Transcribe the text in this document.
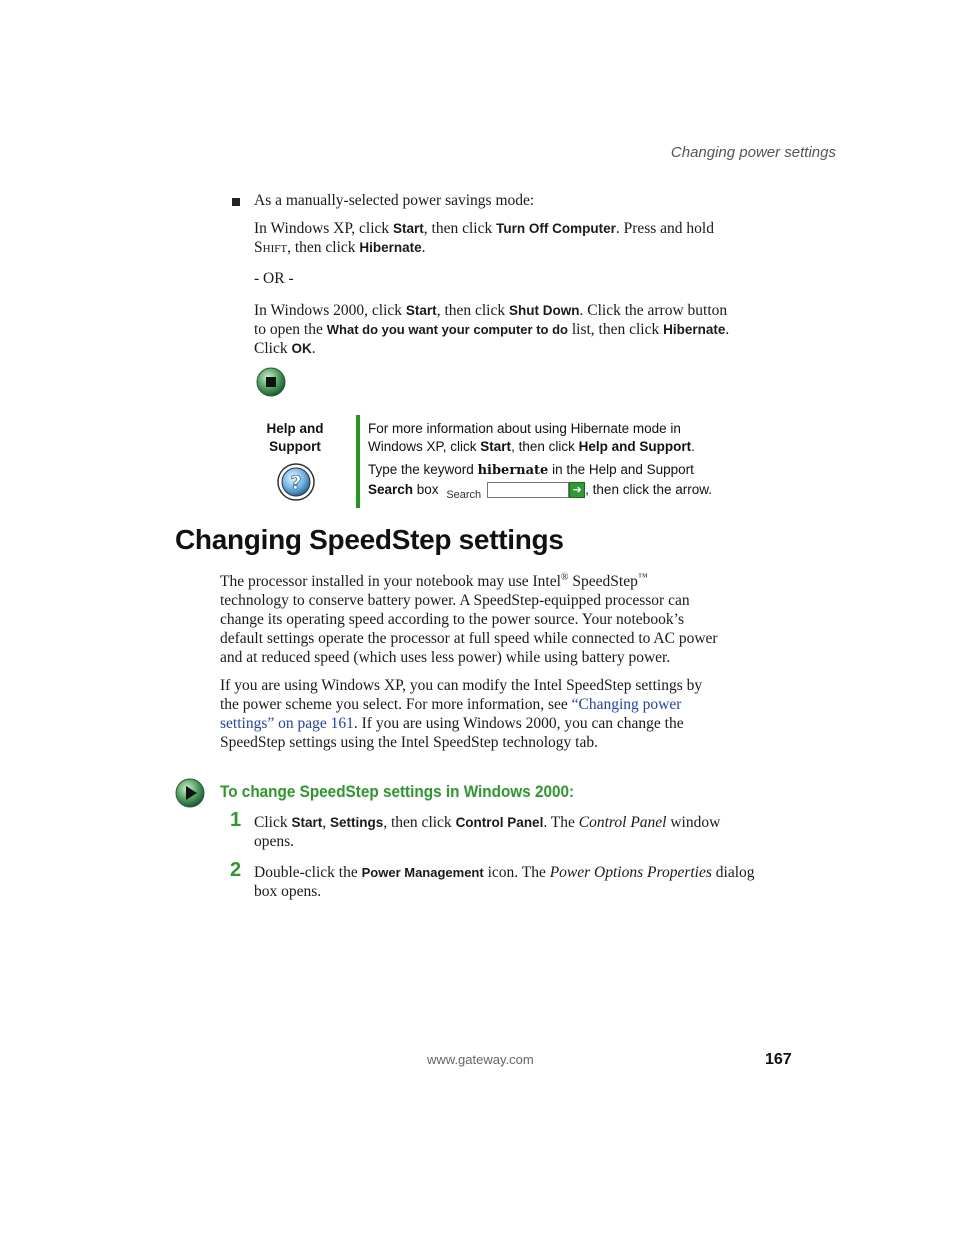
Changing power settings
As a manually-selected power savings mode:
In Windows XP, click Start, then click Turn Off Computer. Press and hold
Shift, then click Hibernate.
- OR -
In Windows 2000, click Start, then click Shut Down. Click the arrow button
to open the What do you want your computer to do list, then click Hibernate.
Click OK.
Help and
Support
?
For more information about using Hibernate mode in
Windows XP, click Start, then click Help and Support.
Type the keyword hibernate in the Help and Support
Search box $_{Search}$	➜ , then click the arrow.
Changing SpeedStep settings
The processor installed in your notebook may use Intel® SpeedStep™
technology to conserve battery power. A SpeedStep-equipped processor can
change its operating speed according to the power source. Your notebook’s
default settings operate the processor at full speed while connected to AC power
and at reduced speed (which uses less power) while using battery power.
If you are using Windows XP, you can modify the Intel SpeedStep settings by
the power scheme you select. For more information, see “Changing power
settings” on page 161. If you are using Windows 2000, you can change the
SpeedStep settings using the Intel SpeedStep technology tab.
To change SpeedStep settings in Windows 2000:
1 Click Start, Settings, then click Control Panel. The Control Panel window
opens.
2 Double-click the Power Management icon. The Power Options Properties dialog
box opens.
www.gateway.com	167
